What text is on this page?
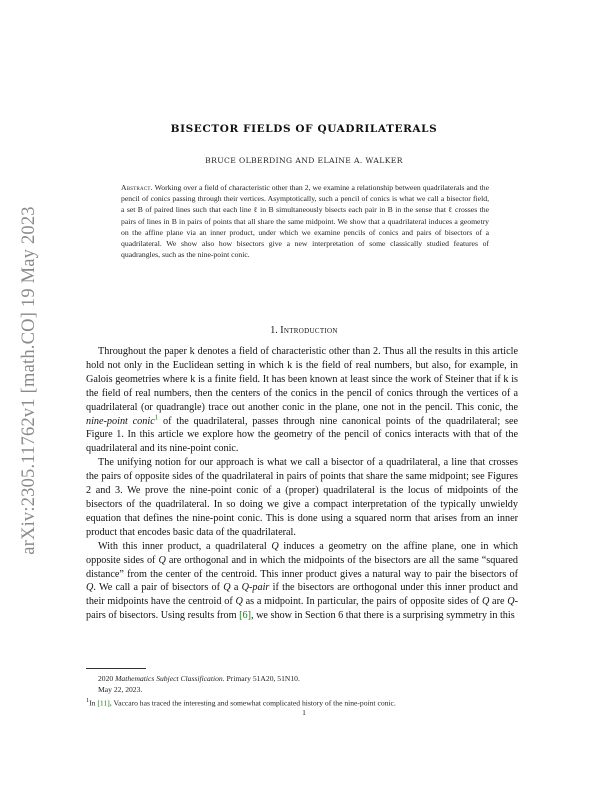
arXiv:2305.11762v1 [math.CO] 19 May 2023
BISECTOR FIELDS OF QUADRILATERALS
BRUCE OLBERDING AND ELAINE A. WALKER
Abstract. Working over a field of characteristic other than 2, we examine a relationship between quadrilaterals and the pencil of conics passing through their vertices. Asymptotically, such a pencil of conics is what we call a bisector field, a set B of paired lines such that each line ℓ in B simultaneously bisects each pair in B in the sense that ℓ crosses the pairs of lines in B in pairs of points that all share the same midpoint. We show that a quadrilateral induces a geometry on the affine plane via an inner product, under which we examine pencils of conics and pairs of bisectors of a quadrilateral. We show also how bisectors give a new interpretation of some classically studied features of quadrangles, such as the nine-point conic.
1. Introduction

Throughout the paper k denotes a field of characteristic other than 2. Thus all the results in this article hold not only in the Euclidean setting in which k is the field of real numbers, but also, for example, in Galois geometries where k is a finite field. It has been known at least since the work of Steiner that if k is the field of real numbers, then the centers of the conics in the pencil of conics through the vertices of a quadrilateral (or quadrangle) trace out another conic in the plane, one not in the pencil. This conic, the nine-point conic$^1$ of the quadrilateral, passes through nine canonical points of the quadrilateral; see Figure 1. In this article we explore how the geometry of the pencil of conics interacts with that of the quadrilateral and its nine-point conic.

The unifying notion for our approach is what we call a bisector of a quadrilateral, a line that crosses the pairs of opposite sides of the quadrilateral in pairs of points that share the same midpoint; see Figures 2 and 3. We prove the nine-point conic of a (proper) quadrilateral is the locus of midpoints of the bisectors of the quadrilateral. In so doing we give a compact interpretation of the typically unwieldy equation that defines the nine-point conic. This is done using a squared norm that arises from an inner product that encodes basic data of the quadrilateral.

With this inner product, a quadrilateral Q induces a geometry on the affine plane, one in which opposite sides of Q are orthogonal and in which the midpoints of the bisectors are all the same “squared distance” from the center of the centroid. This inner product gives a natural way to pair the bisectors of Q. We call a pair of bisectors of Q a Q-pair if the bisectors are orthogonal under this inner product and their midpoints have the centroid of Q as a midpoint. In particular, the pairs of opposite sides of Q are Q-pairs of bisectors. Using results from [6], we show in Section 6 that there is a surprising symmetry in this

2020 Mathematics Subject Classification. Primary 51A20, 51N10.
May 22, 2023.
$^1$In [11], Vaccaro has traced the interesting and somewhat complicated history of the nine-point conic.
1
